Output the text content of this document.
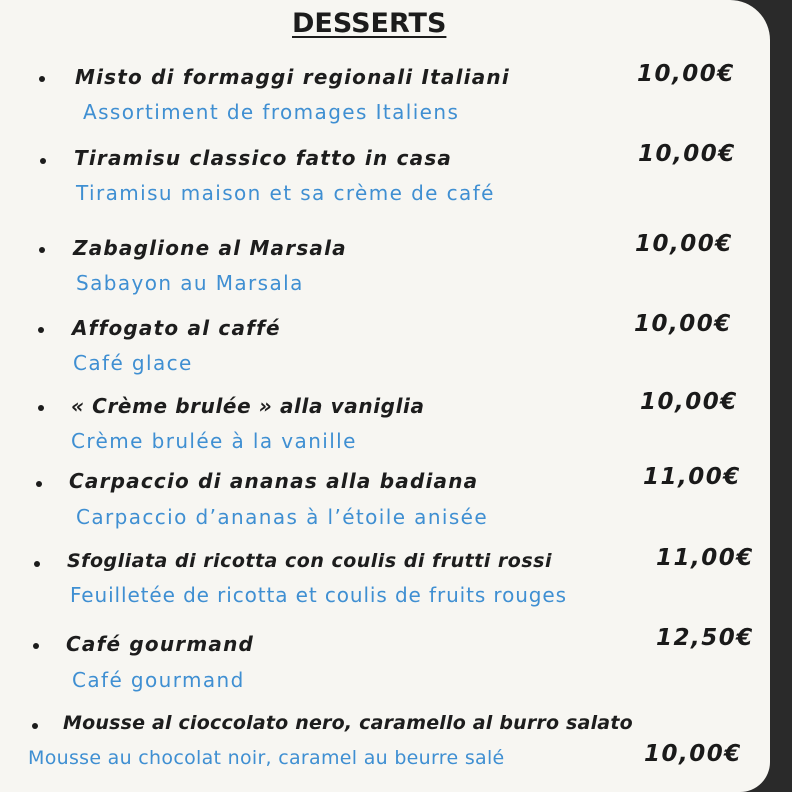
DESSERTS
Misto di formaggi regionali Italiani	10,00€
Assortiment de fromages Italiens
Tiramisu classico fatto in casa	10,00€
Tiramisu maison et sa crème de café
Zabaglione al Marsala	10,00€
Sabayon au Marsala
Affogato al caffé	10,00€
Café glace
« Crème brulée » alla vaniglia	10,00€
Crème brulée à la vanille
Carpaccio di ananas alla badiana	11,00€
Carpaccio d’ananas à l’étoile anisée
Sfogliata di ricotta con coulis di frutti rossi	11,00€
Feuilletée de ricotta et coulis de fruits rouges
Café gourmand	12,50€
Café gourmand
Mousse al cioccolato nero, caramello al burro salato
Mousse au chocolat noir, caramel au beurre salé	10,00€
